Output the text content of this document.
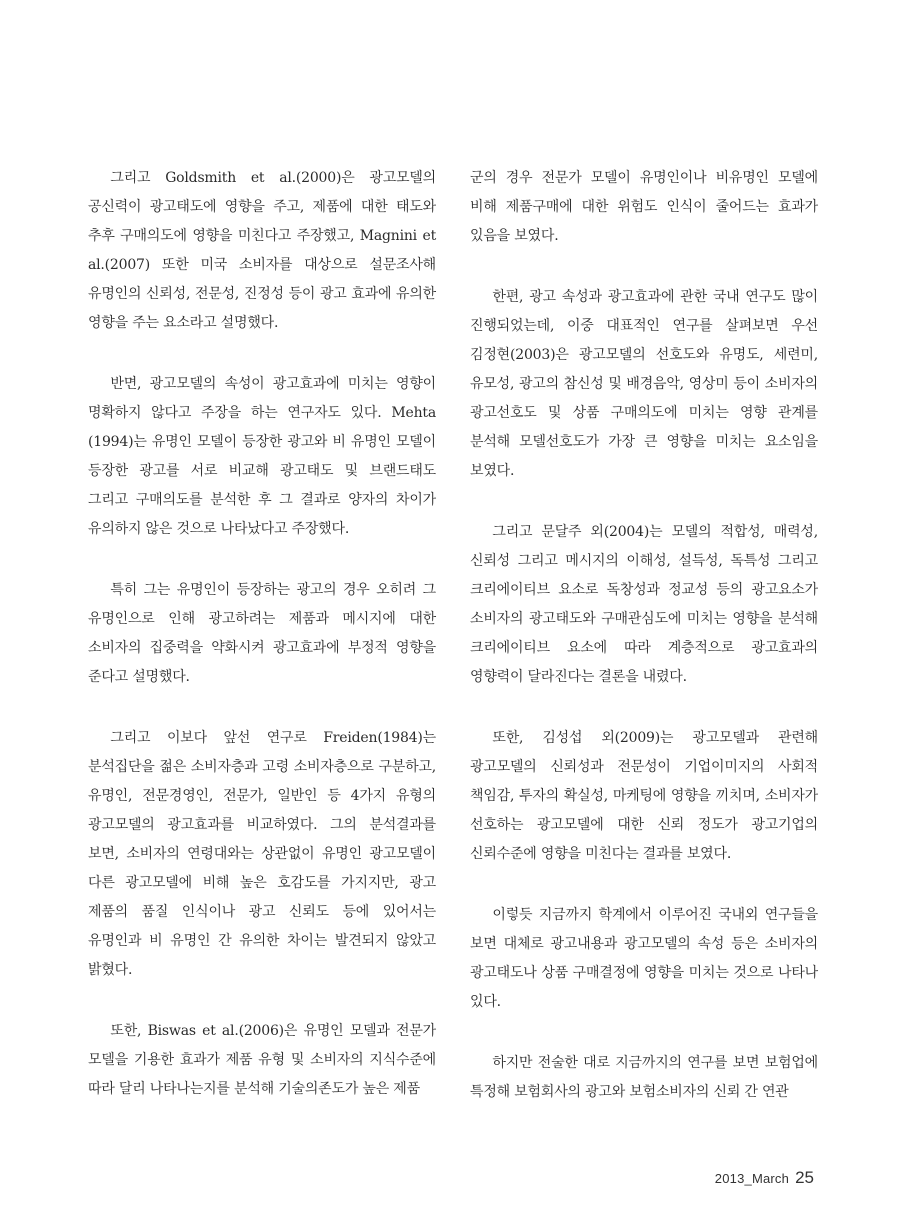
그리고 Goldsmith et al.(2000)은 광고모델의 공신력이 광고태도에 영향을 주고, 제품에 대한 태도와 추후 구매의도에 영향을 미친다고 주장했고, Magnini et al.(2007) 또한 미국 소비자를 대상으로 설문조사해 유명인의 신뢰성, 전문성, 진정성 등이 광고 효과에 유의한 영향을 주는 요소라고 설명했다.

반면, 광고모델의 속성이 광고효과에 미치는 영향이 명확하지 않다고 주장을 하는 연구자도 있다. Mehta (1994)는 유명인 모델이 등장한 광고와 비 유명인 모델이 등장한 광고를 서로 비교해 광고태도 및 브랜드태도 그리고 구매의도를 분석한 후 그 결과로 양자의 차이가 유의하지 않은 것으로 나타났다고 주장했다.

특히 그는 유명인이 등장하는 광고의 경우 오히려 그 유명인으로 인해 광고하려는 제품과 메시지에 대한 소비자의 집중력을 약화시켜 광고효과에 부정적 영향을 준다고 설명했다.

그리고 이보다 앞선 연구로 Freiden(1984)는 분석집단을 젊은 소비자층과 고령 소비자층으로 구분하고, 유명인, 전문경영인, 전문가, 일반인 등 4가지 유형의 광고모델의 광고효과를 비교하였다. 그의 분석결과를 보면, 소비자의 연령대와는 상관없이 유명인 광고모델이 다른 광고모델에 비해 높은 호감도를 가지지만, 광고 제품의 품질 인식이나 광고 신뢰도 등에 있어서는 유명인과 비 유명인 간 유의한 차이는 발견되지 않았고 밝혔다.

또한, Biswas et al.(2006)은 유명인 모델과 전문가 모델을 기용한 효과가 제품 유형 및 소비자의 지식수준에 따라 달리 나타나는지를 분석해 기술의존도가 높은 제품

군의 경우 전문가 모델이 유명인이나 비유명인 모델에 비해 제품구매에 대한 위험도 인식이 줄어드는 효과가 있음을 보였다.

한편, 광고 속성과 광고효과에 관한 국내 연구도 많이 진행되었는데, 이중 대표적인 연구를 살펴보면 우선 김정현(2003)은 광고모델의 선호도와 유명도, 세련미, 유모성, 광고의 참신성 및 배경음악, 영상미 등이 소비자의 광고선호도 및 상품 구매의도에 미치는 영향 관계를 분석해 모델선호도가 가장 큰 영향을 미치는 요소임을 보였다.

그리고 문달주 외(2004)는 모델의 적합성, 매력성, 신뢰성 그리고 메시지의 이해성, 설득성, 독특성 그리고 크리에이티브 요소로 독창성과 정교성 등의 광고요소가 소비자의 광고태도와 구매관심도에 미치는 영향을 분석해 크리에이티브 요소에 따라 계층적으로 광고효과의 영향력이 달라진다는 결론을 내렸다.

또한, 김성섭 외(2009)는 광고모델과 관련해 광고모델의 신뢰성과 전문성이 기업이미지의 사회적 책임감, 투자의 확실성, 마케팅에 영향을 끼치며, 소비자가 선호하는 광고모델에 대한 신뢰 정도가 광고기업의 신뢰수준에 영향을 미친다는 결과를 보였다.

이렇듯 지금까지 학계에서 이루어진 국내외 연구들을 보면 대체로 광고내용과 광고모델의 속성 등은 소비자의 광고태도나 상품 구매결정에 영향을 미치는 것으로 나타나 있다.

하지만 전술한 대로 지금까지의 연구를 보면 보험업에 특정해 보험회사의 광고와 보험소비자의 신뢰 간 연관

2013_March 25
